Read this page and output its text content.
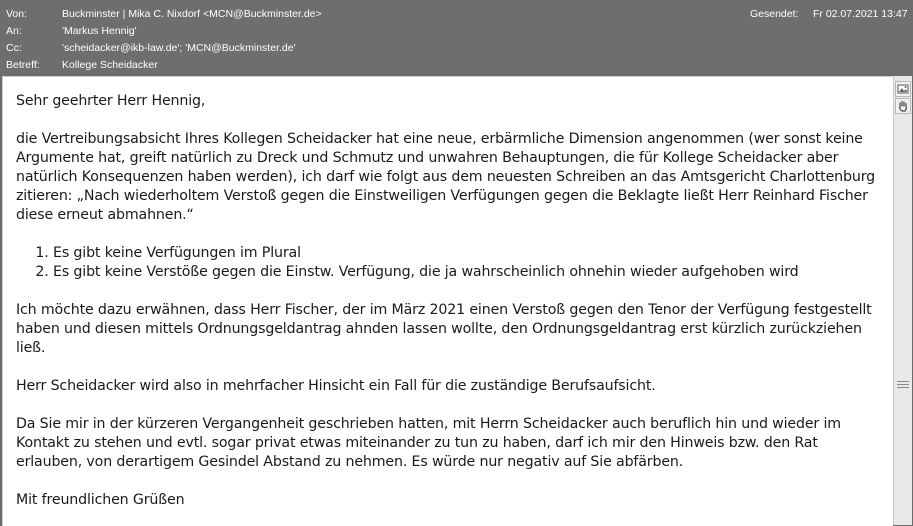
Von:	Buckminster | Mika C. Nixdorf <MCN@Buckminster.de>	Gesendet: Fr 02.07.2021 13:47
An:	'Markus Hennig'
Cc:	'scheidacker@ikb-law.de'; 'MCN@Buckminster.de'
Betreff: Kollege Scheidacker

Sehr geehrter Herr Hennig,

die Vertreibungsabsicht Ihres Kollegen Scheidacker hat eine neue, erbärmliche Dimension angenommen (wer sonst keine Argumente hat, greift natürlich zu Dreck und Schmutz und unwahren Behauptungen, die für Kollege Scheidacker aber natürlich Konsequenzen haben werden), ich darf wie folgt aus dem neuesten Schreiben an das Amtsgericht Charlottenburg zitieren: „Nach wiederholtem Verstoß gegen die Einstweiligen Verfügungen gegen die Beklagte ließt Herr Reinhard Fischer diese erneut abmahnen.“

1. Es gibt keine Verfügungen im Plural
2. Es gibt keine Verstöße gegen die Einstw. Verfügung, die ja wahrscheinlich ohnehin wieder aufgehoben wird

Ich möchte dazu erwähnen, dass Herr Fischer, der im März 2021 einen Verstoß gegen den Tenor der Verfügung festgestellt haben und diesen mittels Ordnungsgeldantrag ahnden lassen wollte, den Ordnungsgeldantrag erst kürzlich zurückziehen ließ.

Herr Scheidacker wird also in mehrfacher Hinsicht ein Fall für die zuständige Berufsaufsicht.

Da Sie mir in der kürzeren Vergangenheit geschrieben hatten, mit Herrn Scheidacker auch beruflich hin und wieder im Kontakt zu stehen und evtl. sogar privat etwas miteinander zu tun zu haben, darf ich mir den Hinweis bzw. den Rat erlauben, von derartigem Gesindel Abstand zu nehmen. Es würde nur negativ auf Sie abfärben.

Mit freundlichen Grüßen
